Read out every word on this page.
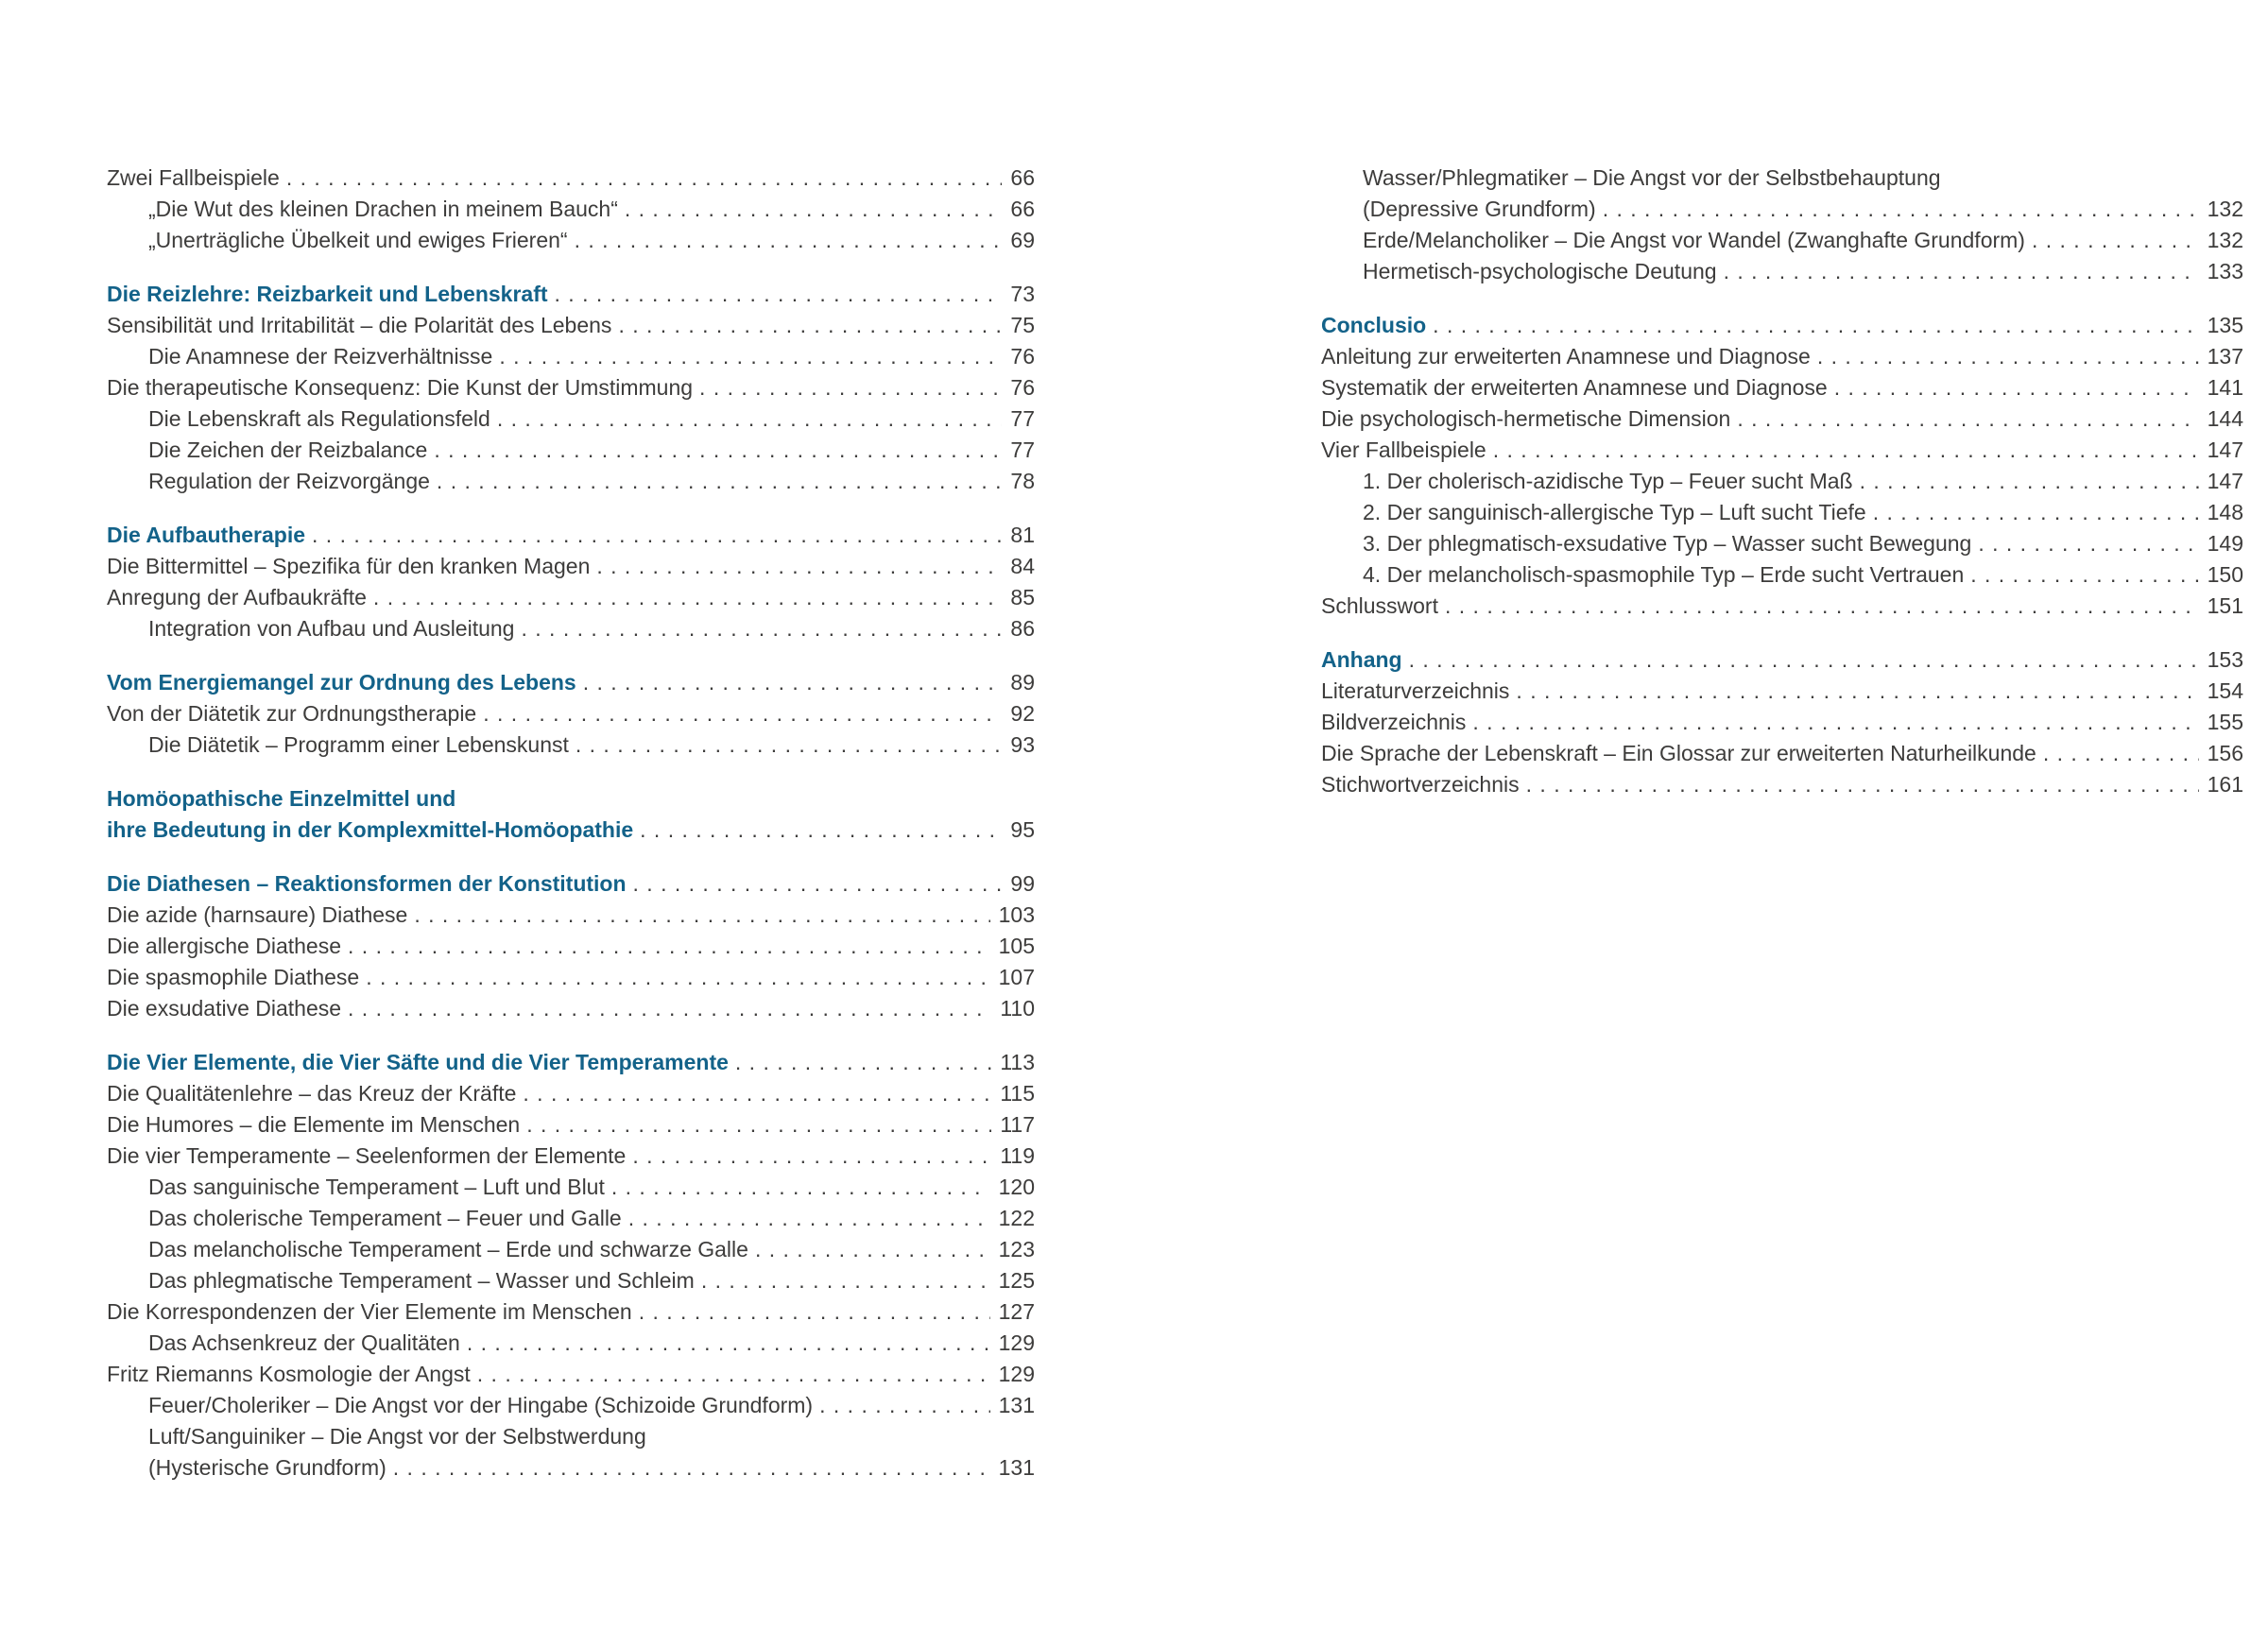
Zwei Fallbeispiele . . .	66
„Die Wut des kleinen Drachen in meinem Bauch“ . . .	66
„Unerträgliche Übelkeit und ewiges Frieren“ . . .	69
Die Reizlehre: Reizbarkeit und Lebenskraft . . .	73
Sensibilität und Irritabilität – die Polarität des Lebens . . .	75
Die Anamnese der Reizverhältnisse . . .	76
Die therapeutische Konsequenz: Die Kunst der Umstimmung . . .	76
Die Lebenskraft als Regulationsfeld . . .	77
Die Zeichen der Reizbalance . . .	77
Regulation der Reizvorgänge . . .	78
Die Aufbautherapie . . .	81
Die Bittermittel – Spezifika für den kranken Magen . . .	84
Anregung der Aufbaukräfte . . .	85
Integration von Aufbau und Ausleitung . . .	86
Vom Energiemangel zur Ordnung des Lebens . . .	89
Von der Diätetik zur Ordnungstherapie . . .	92
Die Diätetik – Programm einer Lebenskunst . . .	93
Homöopathische Einzelmittel und
ihre Bedeutung in der Komplexmittel-Homöopathie . . .	95
Die Diathesen – Reaktionsformen der Konstitution . . .	99
Die azide (harnsaure) Diathese . . .	103
Die allergische Diathese . . .	105
Die spasmophile Diathese . . .	107
Die exsudative Diathese . . .	110
Die Vier Elemente, die Vier Säfte und die Vier Temperamente . . .	113
Die Qualitätenlehre – das Kreuz der Kräfte . . .	115
Die Humores – die Elemente im Menschen . . .	117
Die vier Temperamente – Seelenformen der Elemente . . .	119
Das sanguinische Temperament – Luft und Blut . . .	120
Das cholerische Temperament – Feuer und Galle . . .	122
Das melancholische Temperament – Erde und schwarze Galle . . .	123
Das phlegmatische Temperament – Wasser und Schleim . . .	125
Die Korrespondenzen der Vier Elemente im Menschen . . .	127
Das Achsenkreuz der Qualitäten . . .	129
Fritz Riemanns Kosmologie der Angst . . .	129
Feuer/Choleriker – Die Angst vor der Hingabe (Schizoide Grundform) . . .	131
Luft/Sanguiniker – Die Angst vor der Selbstwerdung
(Hysterische Grundform) . . .	131
Wasser/Phlegmatiker – Die Angst vor der Selbstbehauptung
(Depressive Grundform) . . .	132
Erde/Melancholiker – Die Angst vor Wandel (Zwanghafte Grundform) . . .	132
Hermetisch-psychologische Deutung . . .	133
Conclusio . . .	135
Anleitung zur erweiterten Anamnese und Diagnose . . .	137
Systematik der erweiterten Anamnese und Diagnose . . .	141
Die psychologisch-hermetische Dimension . . .	144
Vier Fallbeispiele . . .	147
1. Der cholerisch-azidische Typ – Feuer sucht Maß . . .	147
2. Der sanguinisch-allergische Typ – Luft sucht Tiefe . . .	148
3. Der phlegmatisch-exsudative Typ – Wasser sucht Bewegung . . .	149
4. Der melancholisch-spasmophile Typ – Erde sucht Vertrauen . . .	150
Schlusswort . . .	151
Anhang . . .	153
Literaturverzeichnis . . .	154
Bildverzeichnis . . .	155
Die Sprache der Lebenskraft – Ein Glossar zur erweiterten Naturheilkunde . . .	156
Stichwortverzeichnis . . .	161
